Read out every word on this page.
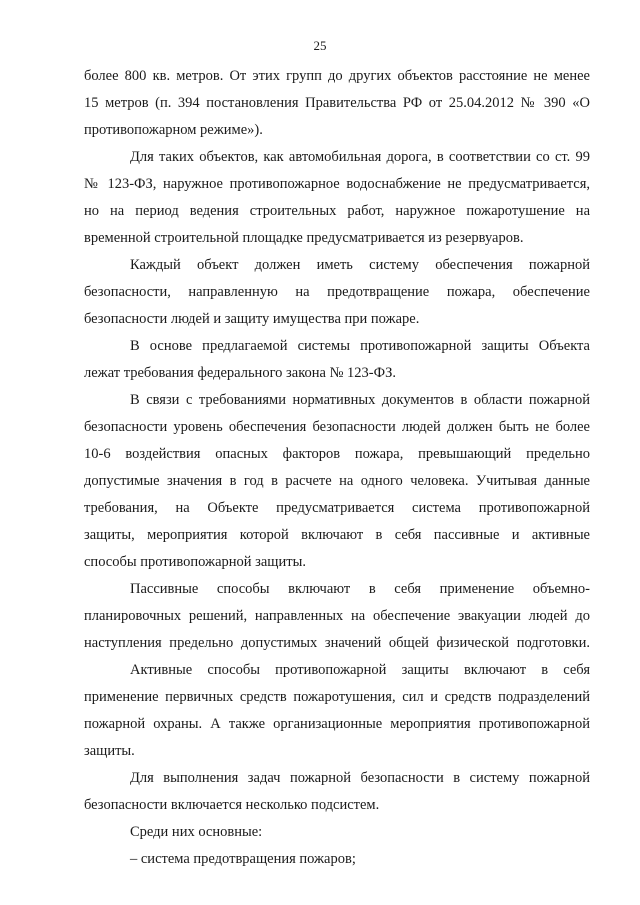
25
более 800 кв. метров. От этих групп до других объектов расстояние не менее
15 метров (п. 394 постановления Правительства РФ от 25.04.2012 № 390 «О
противопожарном режиме»).
Для таких объектов, как автомобильная дорога, в соответствии со ст. 99
№ 123-ФЗ, наружное противопожарное водоснабжение не предусматривается,
но на период ведения строительных работ, наружное пожаротушение на
временной строительной площадке предусматривается из резервуаров.
Каждый объект должен иметь систему обеспечения пожарной
безопасности, направленную на предотвращение пожара, обеспечение
безопасности людей и защиту имущества при пожаре.
В основе предлагаемой системы противопожарной защиты Объекта
лежат требования федерального закона № 123-ФЗ.
В связи с требованиями нормативных документов в области пожарной
безопасности уровень обеспечения безопасности людей должен быть не более
10-6 воздействия опасных факторов пожара, превышающий предельно
допустимые значения в год в расчете на одного человека. Учитывая данные
требования, на Объекте предусматривается система противопожарной
защиты, мероприятия которой включают в себя пассивные и активные
способы противопожарной защиты.
Пассивные способы включают в себя применение объемно-
планировочных решений, направленных на обеспечение эвакуации людей до
наступления предельно допустимых значений общей физической подготовки.
Активные способы противопожарной защиты включают в себя
применение первичных средств пожаротушения, сил и средств подразделений
пожарной охраны. А также организационные мероприятия противопожарной
защиты.
Для выполнения задач пожарной безопасности в систему пожарной
безопасности включается несколько подсистем.
Среди них основные:
– система предотвращения пожаров;
